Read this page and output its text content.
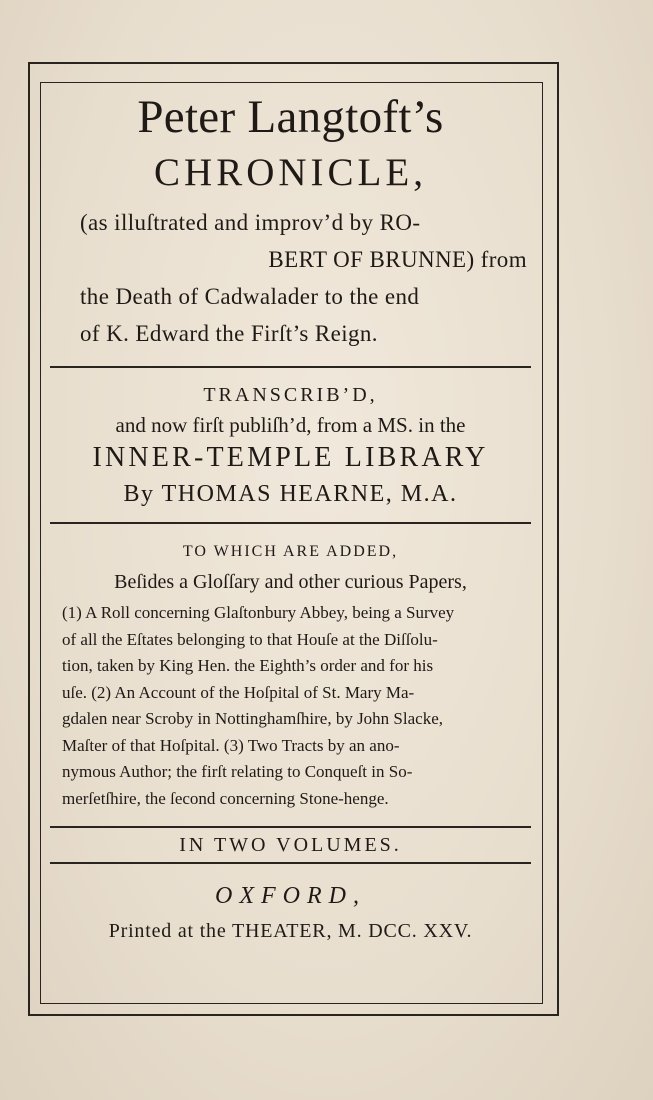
Peter Langtoft’s
CHRONICLE,
(as illuſtrated and improv’d by RO-
BERT OF BRUNNE) from
the Death of Cadwalader to the end
of K. Edward the Firſt’s Reign.
TRANSCRIB’D,
and now firſt publiſh’d, from a MS. in the
INNER-TEMPLE LIBRARY
By THOMAS HEARNE, M.A.
TO WHICH ARE ADDED,
Beſides a Gloſſary and other curious Papers,
(1) A Roll concerning Glaſtonbury Abbey, being a Survey
of all the Eſtates belonging to that Houſe at the Diſſolu-
tion, taken by King Hen. the Eighth’s order and for his
uſe. (2) An Account of the Hoſpital of St. Mary Ma-
gdalen near Scroby in Nottinghamſhire, by John Slacke,
Maſter of that Hoſpital. (3) Two Tracts by an ano-
nymous Author; the firſt relating to Conqueſt in So-
merſetſhire, the ſecond concerning Stone-henge.
IN TWO VOLUMES.
OXFORD,
Printed at the THEATER, M. DCC. XXV.
